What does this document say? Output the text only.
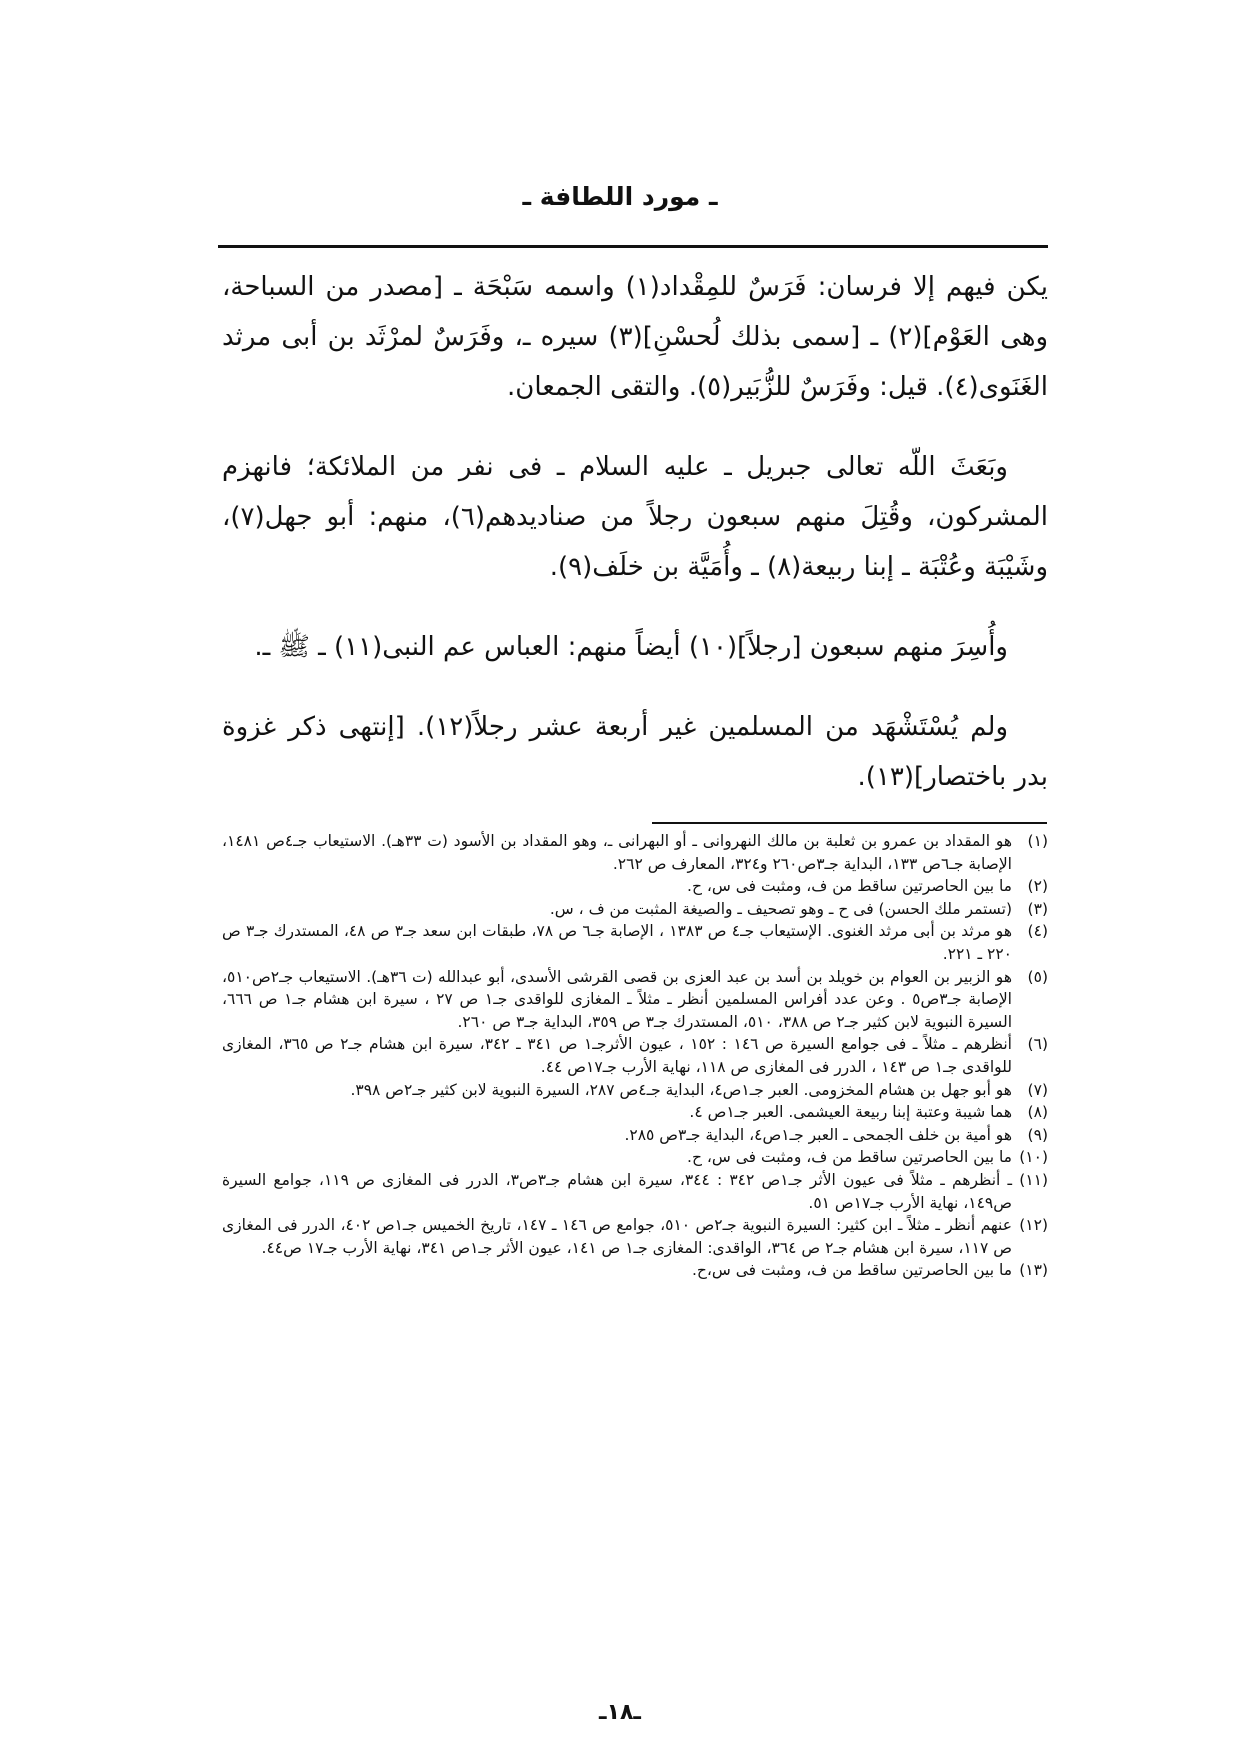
ـ مورد اللطافة ـ

يكن فيهم إلا فرسان: فَرَسٌ للمِقْداد(١) واسمه سَبْحَة ـ [مصدر من السباحة، وهى العَوْم](٢) ـ [سمى بذلك لُحسْنِ](٣) سيره ـ، وفَرَسٌ لمرْثَد بن أبى مرثد الغَنَوى(٤). قيل: وفَرَسٌ للزُّبَير(٥). والتقى الجمعان.

وبَعَثَ اللّه تعالى جبريل ـ عليه السلام ـ فى نفر من الملائكة؛ فانهزم المشركون، وقُتِلَ منهم سبعون رجلاً من صناديدهم(٦)، منهم: أبو جهل(٧)، وشَيْبَة وعُتْبَة ـ إبنا ربيعة(٨) ـ وأُمَيَّة بن خلَف(٩).

وأُسِرَ منهم سبعون [رجلاً](١٠) أيضاً منهم: العباس عم النبى(١١) ـ ﷺ ـ.

ولم يُسْتَشْهَد من المسلمين غير أربعة عشر رجلاً(١٢). [إنتهى ذكر غزوة بدر باختصار](١٣).

(١)هو المقداد بن عمرو بن ثعلبة بن مالك النهروانى ـ أو البهرانى ـ، وهو المقداد بن الأسود (ت ٣٣هـ). الاستيعاب جـ٤ص ١٤٨١، الإصابة جـ٦ص ١٣٣، البداية جـ٣ص٢٦٠ و٣٢٤، المعارف ص ٢٦٢.
(٢)ما بين الحاصرتين ساقط من ف، ومثبت فى س، ح.
(٣)(تستمر ملك الحسن) فى ح ـ وهو تصحيف ـ والصيغة المثبت من ف ، س.
(٤)هو مرثد بن أبى مرثد الغنوى. الإستيعاب جـ٤ ص ١٣٨٣ ، الإصابة جـ٦ ص ٧٨، طبقات ابن سعد جـ٣ ص ٤٨، المستدرك جـ٣ ص ٢٢٠ ـ ٢٢١.
(٥)هو الزبير بن العوام بن خويلد بن أسد بن عبد العزى بن قصى القرشى الأسدى، أبو عبدالله (ت ٣٦هـ). الاستيعاب جـ٢ص٥١٠، الإصابة جـ٣ص٥ . وعن عدد أفراس المسلمين أنظر ـ مثلاً ـ المغازى للواقدى جـ١ ص ٢٧ ، سيرة ابن هشام جـ١ ص ٦٦٦، السيرة النبوية لابن كثير جـ٢ ص ٣٨٨، ٥١٠، المستدرك جـ٣ ص ٣٥٩، البداية جـ٣ ص ٢٦٠.
(٦)أنظرهم ـ مثلاً ـ فى جوامع السيرة ص ١٤٦ : ١٥٢ ، عيون الأثرجـ١ ص ٣٤١ ـ ٣٤٢، سيرة ابن هشام جـ٢ ص ٣٦٥، المغازى للواقدى جـ١ ص ١٤٣ ، الدرر فى المغازى ص ١١٨، نهاية الأرب جـ١٧ص ٤٤.
(٧)هو أبو جهل بن هشام المخزومى. العبر جـ١ص٤، البداية جـ٤ص ٢٨٧، السيرة النبوية لابن كثير جـ٢ص ٣٩٨.
(٨)هما شيبة وعتبة إبنا ربيعة العيشمى. العبر جـ١ص ٤.
(٩)هو أمية بن خلف الجمحى ـ العبر جـ١ص٤، البداية جـ٣ص ٢٨٥.
(١٠)ما بين الحاصرتين ساقط من ف، ومثبت فى س، ح.
(١١)ـ أنظرهم ـ مثلاً فى عيون الأثر جـ١ص ٣٤٢ : ٣٤٤، سيرة ابن هشام جـ٣ص٣، الدرر فى المغازى ص ١١٩، جوامع السيرة ص١٤٩، نهاية الأرب جـ١٧ص ٥١.
(١٢)عنهم أنظر ـ مثلاً ـ ابن كثير: السيرة النبوية جـ٢ص ٥١٠، جوامع ص ١٤٦ ـ ١٤٧، تاريخ الخميس جـ١ص ٤٠٢، الدرر فى المغازى ص ١١٧، سيرة ابن هشام جـ٢ ص ٣٦٤، الواقدى: المغازى جـ١ ص ١٤١، عيون الأثر جـ١ص ٣٤١، نهاية الأرب جـ١٧ ص٤٤.
(١٣)ما بين الحاصرتين ساقط من ف، ومثبت فى س،ح.
ـ١٨ـ
